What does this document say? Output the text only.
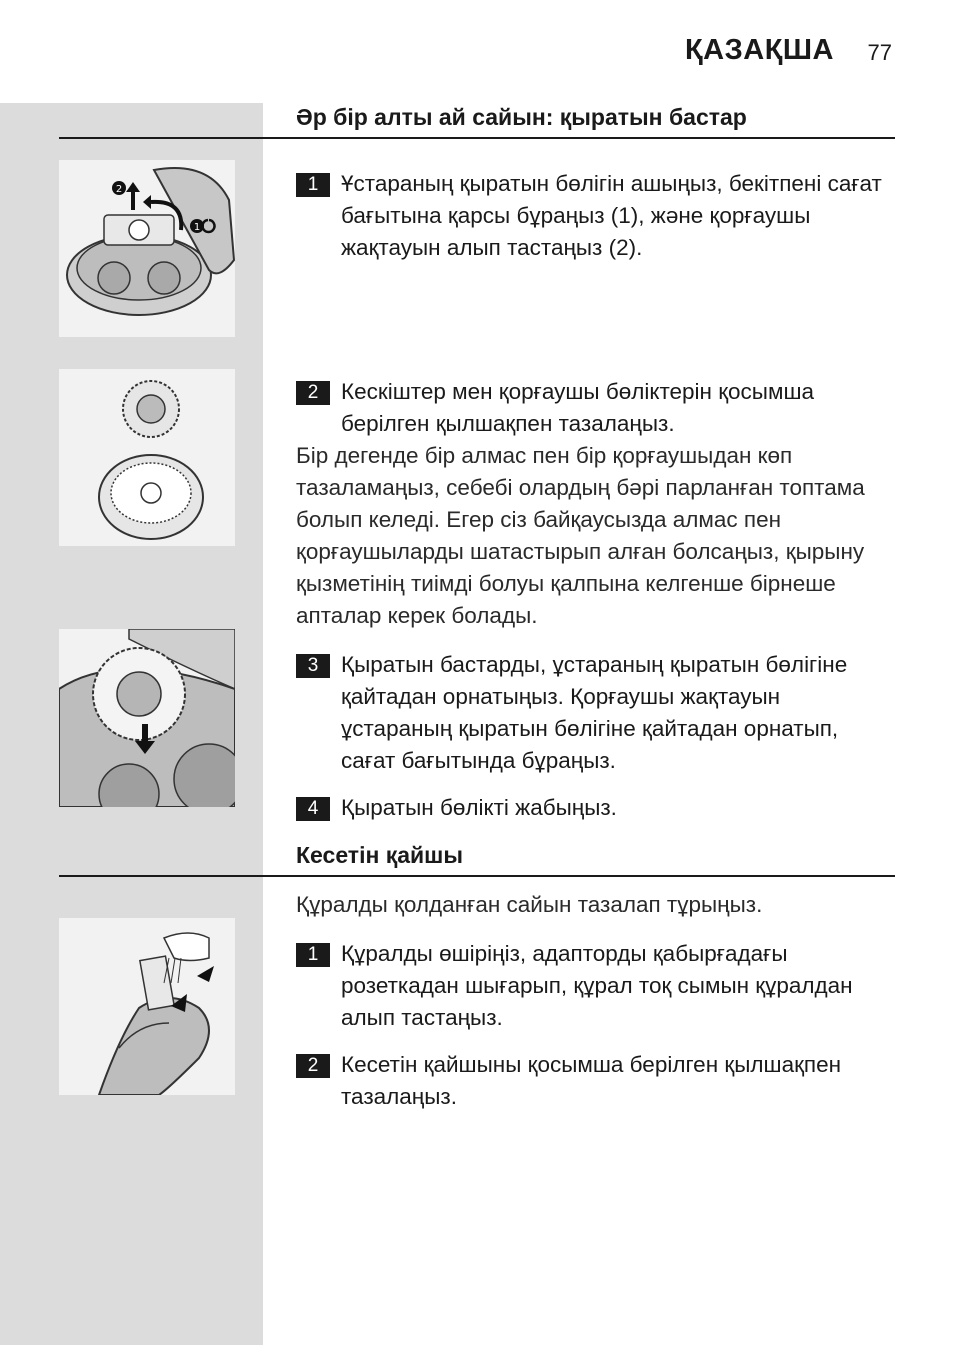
ҚАЗАҚША 77
Әр бір алты ай сайын: қыратын бастар
2
1
1	Ұстараның қыратын бөлігін ашыңыз, бекітпені сағат бағытына қарсы бұраңыз (1), және қорғаушы жақтауын алып тастаңыз (2).
2	Кескіштер мен қорғаушы бөліктерін қосымша берілген қылшақпен тазалаңыз.
Бір дегенде бір алмас пен бір қорғаушыдан көп тазаламаңыз, себебі олардың бәрі парланған топтама болып келеді. Егер сіз байқаусызда алмас пен қорғаушыларды шатастырып алған болсаңыз, қырыну қызметінің тиімді болуы қалпына келгенше бірнеше апталар керек болады.
3	Қыратын бастарды, ұстараның қыратын бөлігіне қайтадан орнатыңыз. Қорғаушы жақтауын ұстараның қыратын бөлігіне қайтадан орнатып, сағат бағытында бұраңыз.
4	Қыратын бөлікті жабыңыз.
Кесетін қайшы
Құралды қолданған сайын тазалап тұрыңыз.
1	Құралды өшіріңіз, адапторды қабырғадағы розеткадан шығарып, құрал тоқ сымын құралдан алып тастаңыз.
2	Кесетін қайшыны қосымша берілген қылшақпен тазалаңыз.
